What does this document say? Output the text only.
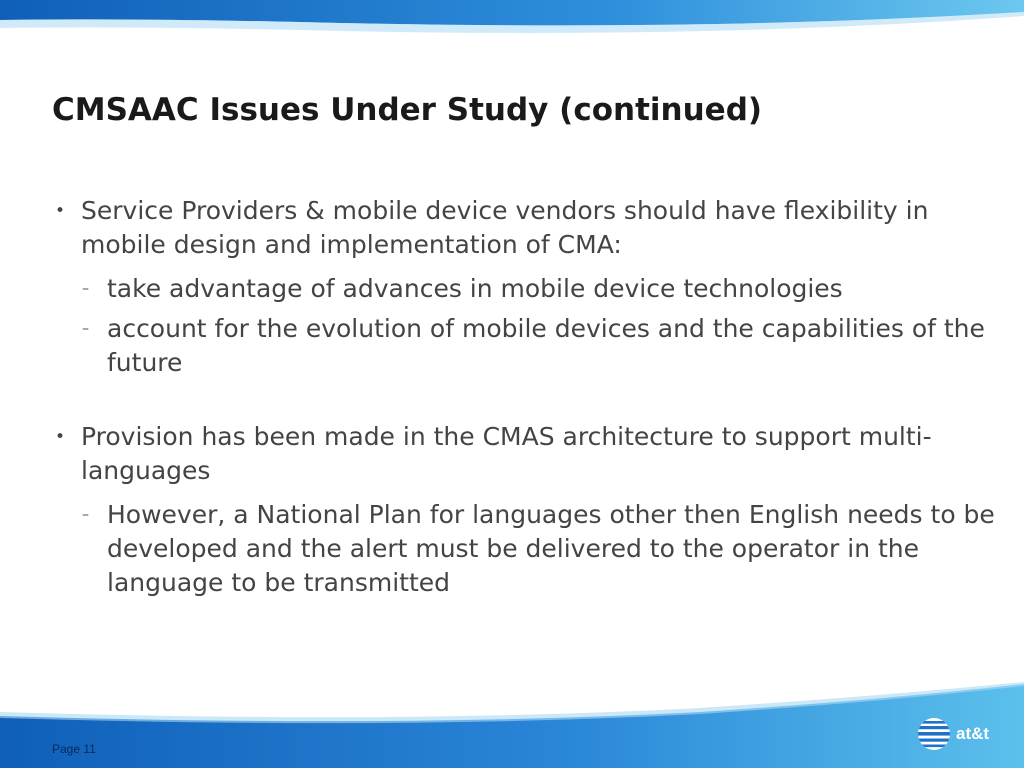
CMSAAC Issues Under Study (continued)
• Service Providers & mobile device vendors should have flexibility in mobile design and implementation of CMA:
– take advantage of advances in mobile device technologies
– account for the evolution of mobile devices and the capabilities of the future
• Provision has been made in the CMAS architecture to support multi-languages
– However, a National Plan for languages other then English needs to be developed and the alert must be delivered to the operator in the language to be transmitted
Page 11
at&t
